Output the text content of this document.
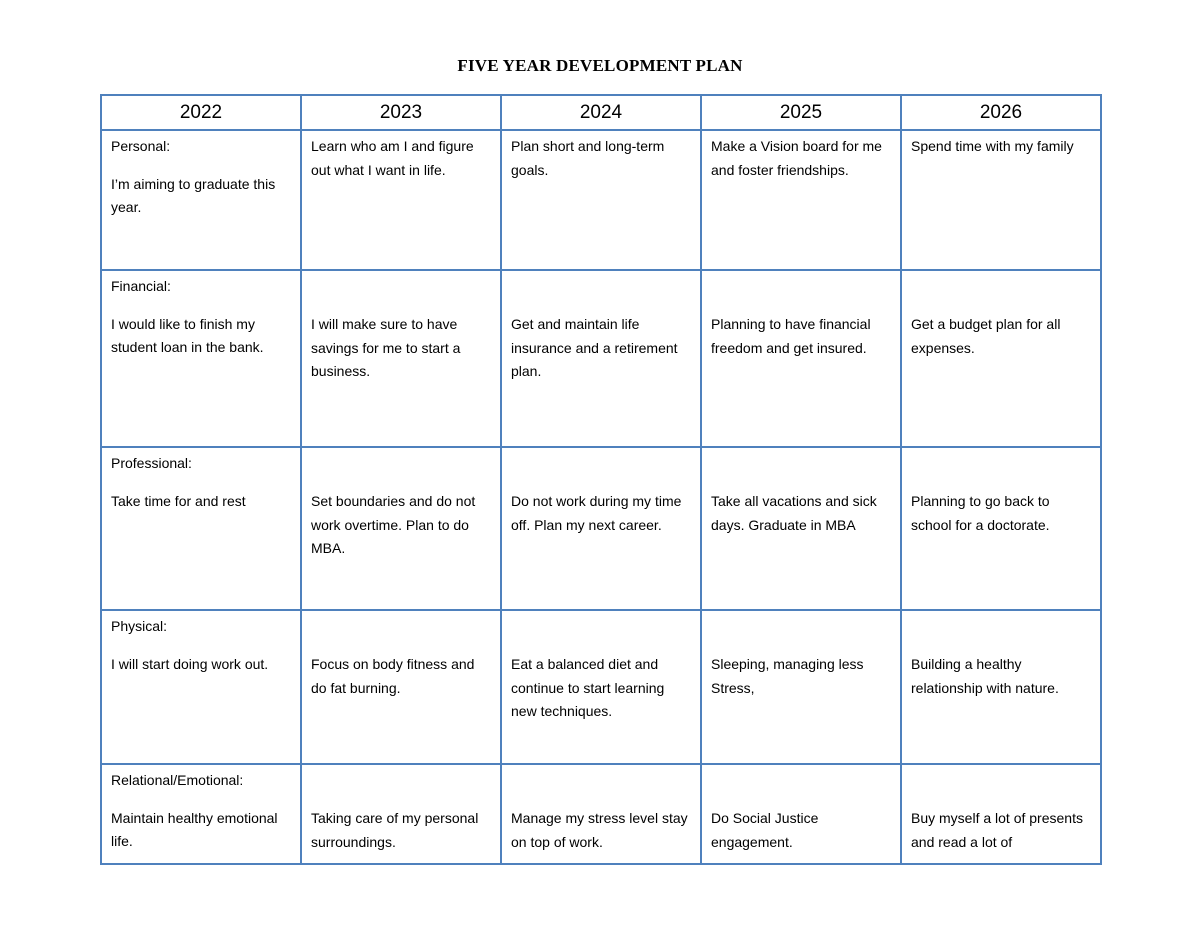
FIVE YEAR DEVELOPMENT PLAN
2022	2023	2024	2025	2026

Personal:
I’m aiming to graduate this year.	Learn who am I and figure out what I want in life.	Plan short and long-term goals.	Make a Vision board for me and foster friendships.	Spend time with my family

Financial:
I would like to finish my student loan in the bank.	I will make sure to have savings for me to start a business.	Get and maintain life insurance and a retirement plan.	Planning to have financial freedom and get insured.	Get a budget plan for all expenses.

Professional:
Take time for and rest	Set boundaries and do not work overtime. Plan to do MBA.	Do not work during my time off. Plan my next career.	Take all vacations and sick days. Graduate in MBA	Planning to go back to school for a doctorate.

Physical:
I will start doing work out.	Focus on body fitness and do fat burning.	Eat a balanced diet and continue to start learning new techniques.	Sleeping, managing less Stress,	Building a healthy relationship with nature.

Relational/Emotional:
Maintain healthy emotional life.	Taking care of my personal surroundings.	Manage my stress level stay on top of work.	Do Social Justice engagement.	Buy myself a lot of presents and read a lot of
